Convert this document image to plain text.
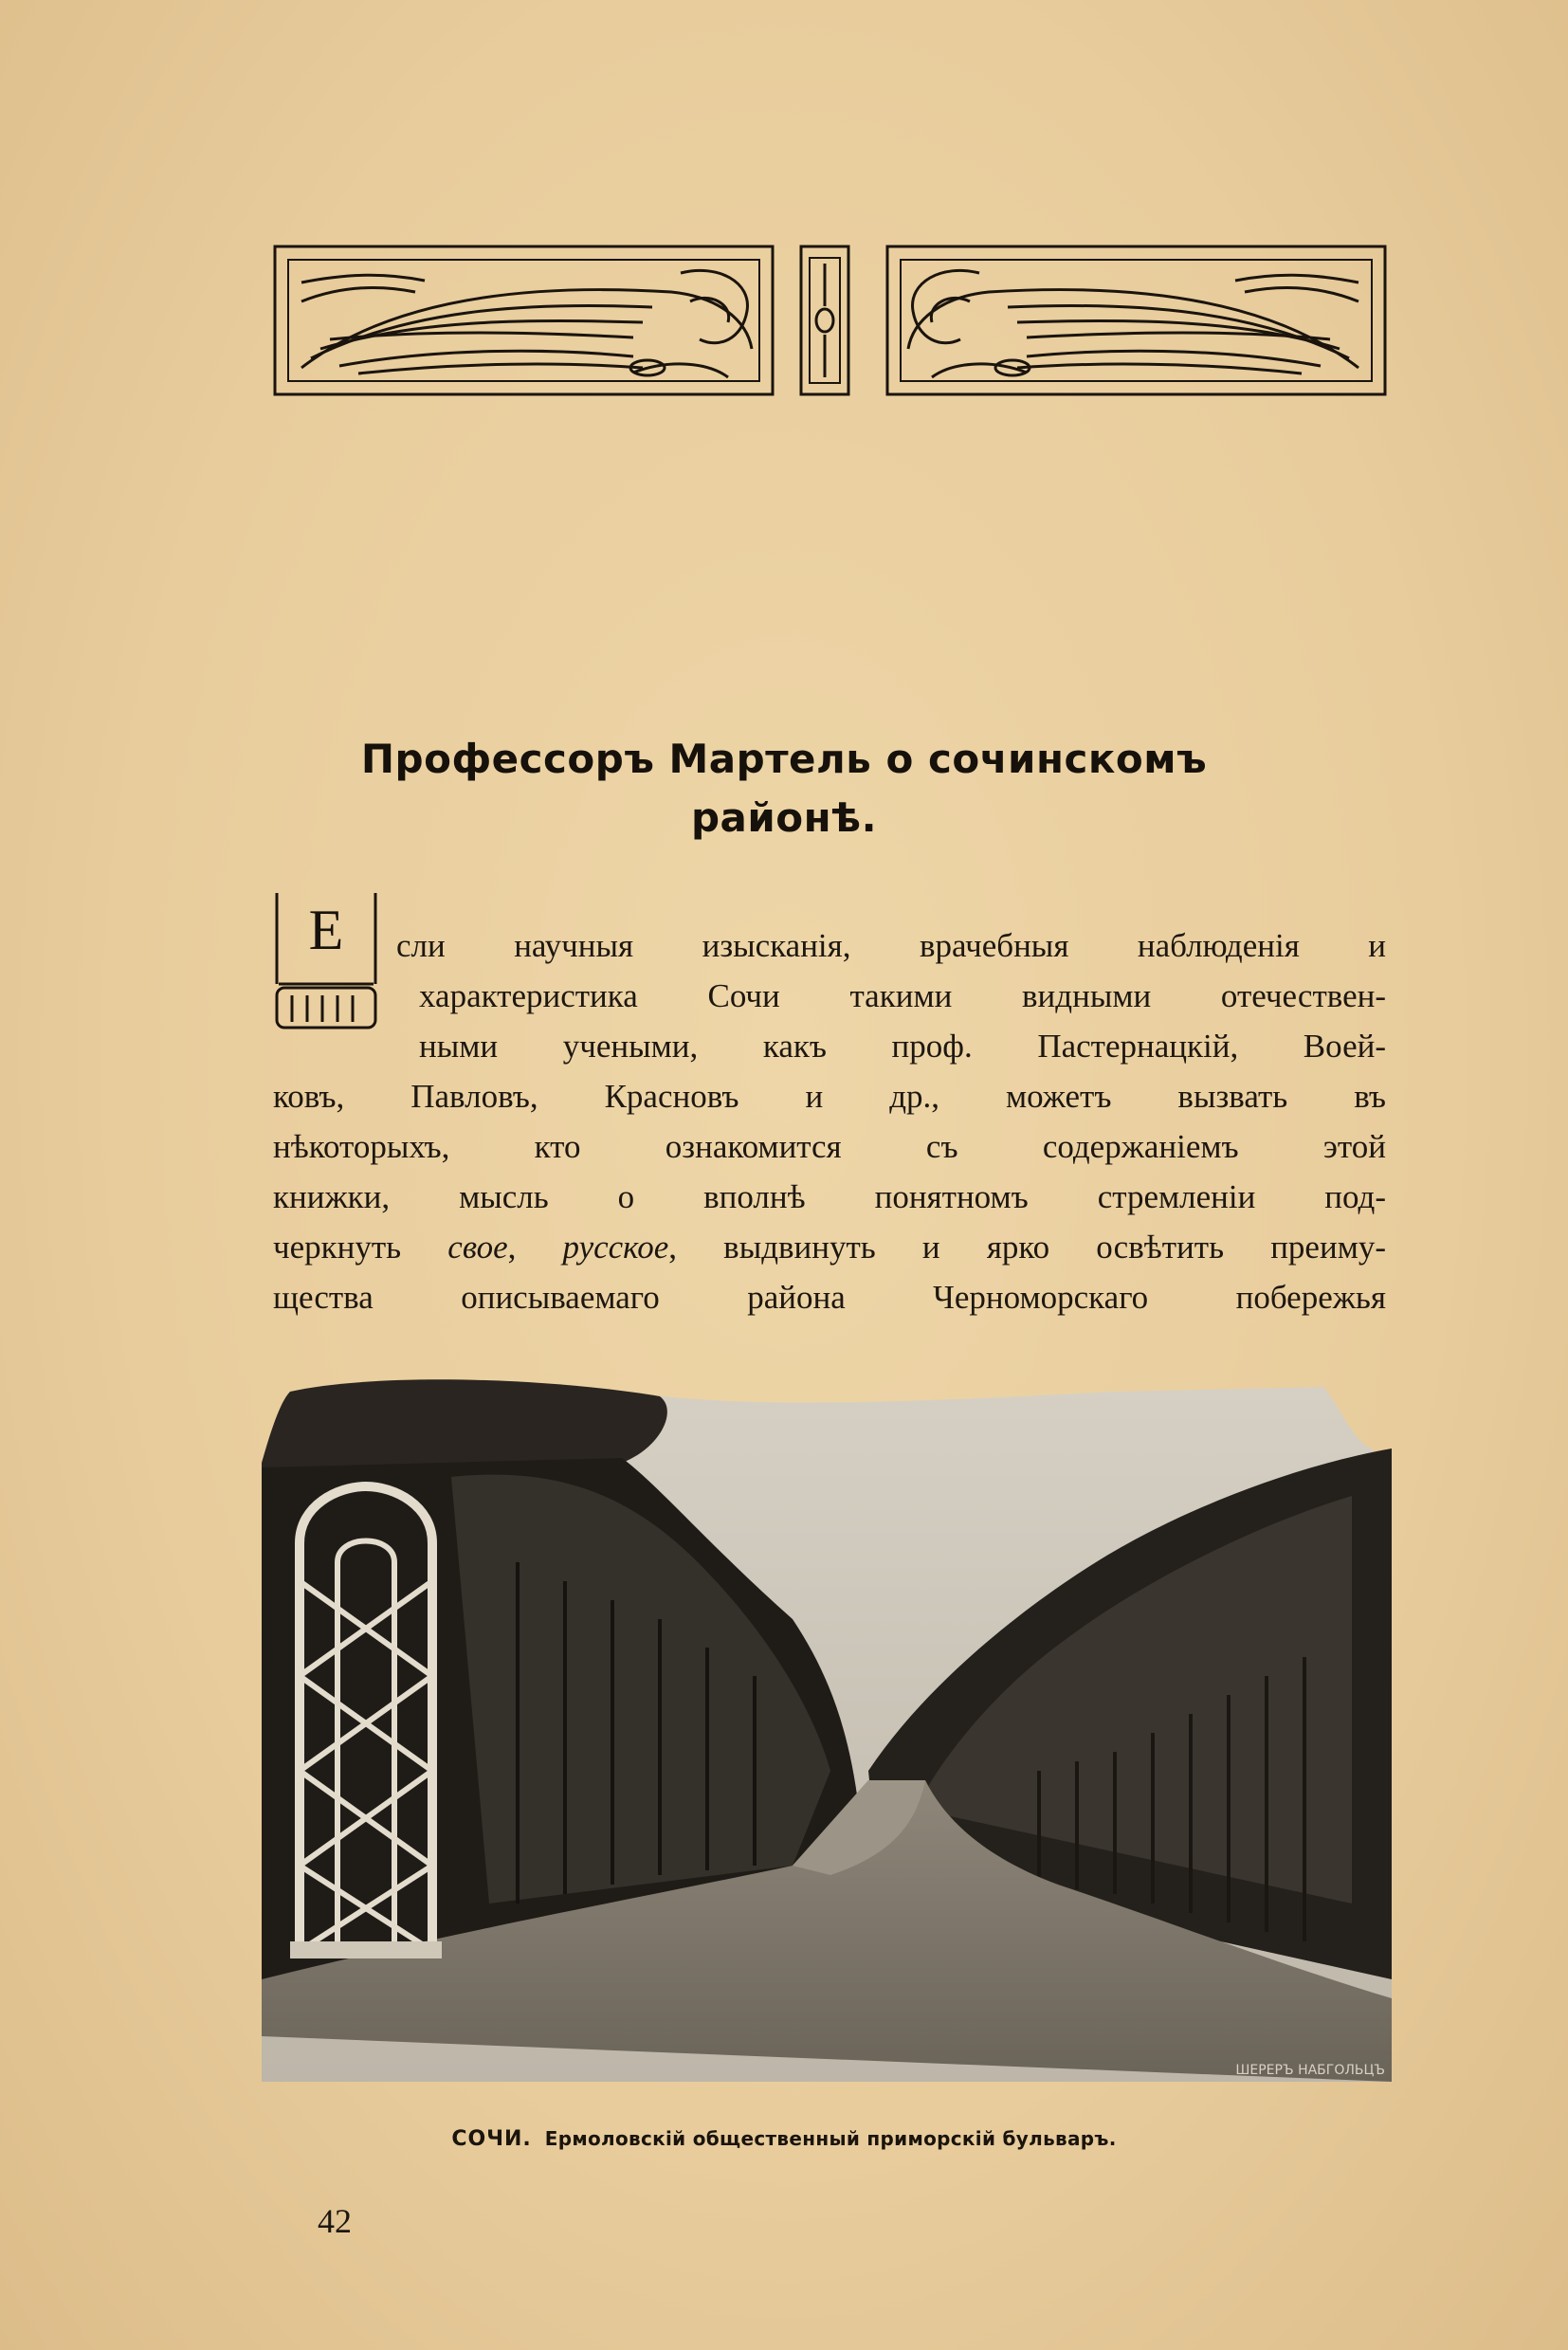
Профессоръ Мартель о сочинскомъ
районѣ.
Е	сли научныя изысканія, врачебныя наблюденія и
характеристика Сочи такими видными отечествен-
ными учеными, какъ проф. Пастернацкій, Воей-
ковъ, Павловъ, Красновъ и др., можетъ вызвать въ
нѣкоторыхъ, кто ознакомится съ содержаніемъ этой
книжки, мысль о вполнѣ понятномъ стремленіи под-
черкнуть свое, русское, выдвинуть и ярко освѣтить преиму-
щества описываемаго района Черноморскаго побережья
ШЕРЕРЪ НАБГОЛЬЦЪ
СОЧИ. Ермоловскій общественный приморскій бульваръ.
42
